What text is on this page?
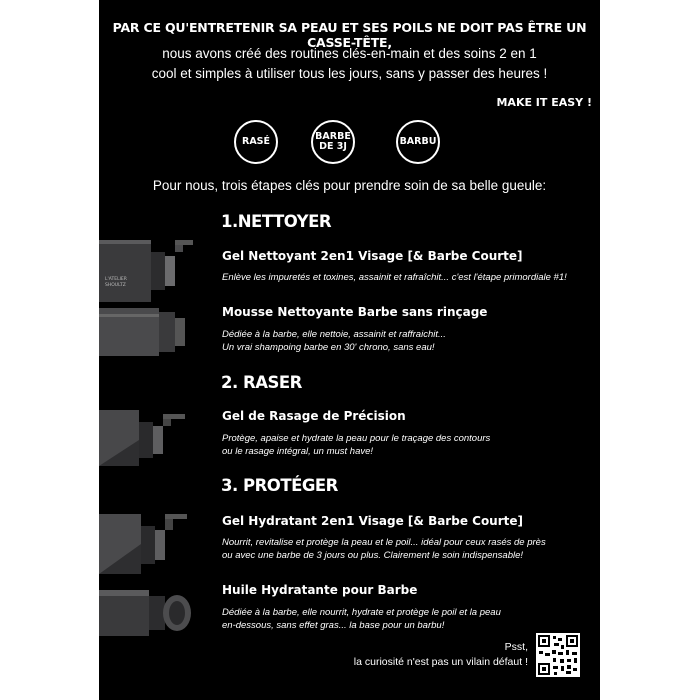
PAR CE QU'ENTRETENIR SA PEAU ET SES POILS NE DOIT PAS ÊTRE UN CASSE-TÊTE,
nous avons créé des routines clés-en-main et des soins 2 en 1
cool et simples à utiliser tous les jours, sans y passer des heures !
MAKE IT EASY !
RASÉ	BARBE
DE 3J	BARBU
Pour nous, trois étapes clés pour prendre soin de sa belle gueule:
1.NETTOYER
L'ATELIER
SHOULTZ
Gel Nettoyant 2en1 Visage [& Barbe Courte]
Enlève les impuretés et toxines, assainit et rafraîchit... c'est l'étape primordiale #1!
Mousse Nettoyante Barbe sans rinçage
Dédiée à la barbe, elle nettoie, assainit et raffraichit...
Un vrai shampoing barbe en 30' chrono, sans eau!
2. RASER
Gel de Rasage de Précision
Protège, apaise et hydrate la peau pour le traçage des contours
ou le rasage intégral, un must have!
3. PROTÉGER
Gel Hydratant 2en1 Visage [& Barbe Courte]
Nourrit, revitalise et protège la peau et le poil... idéal pour ceux rasés de près
ou avec une barbe de 3 jours ou plus. Clairement le soin indispensable!
Huile Hydratante pour Barbe
Dédiée à la barbe, elle nourrit, hydrate et protège le poil et la peau
en-dessous, sans effet gras... la base pour un barbu!
Psst,
la curiosité n'est pas un vilain défaut !
